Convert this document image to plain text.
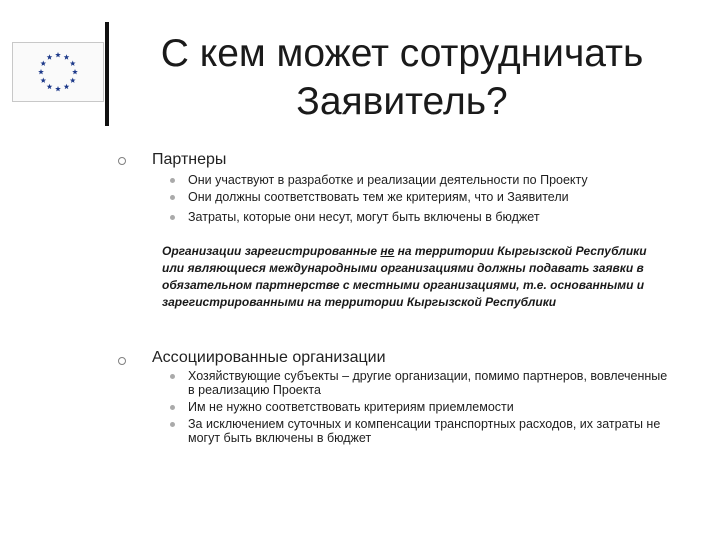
С кем может сотрудничать
Заявитель?
Партнеры
Они участвуют в разработке и реализации деятельности по Проекту
Они должны соответствовать тем же критериям, что и Заявители
Затраты, которые они несут, могут быть включены в бюджет
Организации зарегистрированные не на территории Кыргызской Республики или являющиеся международными организациями должны подавать заявки в обязательном партнерстве с местными организациями, т.е. основанными и зарегистрированными на территории Кыргызской Республики
Ассоциированные организации
Хозяйствующие субъекты – другие организации, помимо партнеров, вовлеченные в реализацию Проекта
Им не нужно соответствовать критериям приемлемости
За исключением суточных и компенсации транспортных расходов, их затраты не могут быть включены в бюджет
